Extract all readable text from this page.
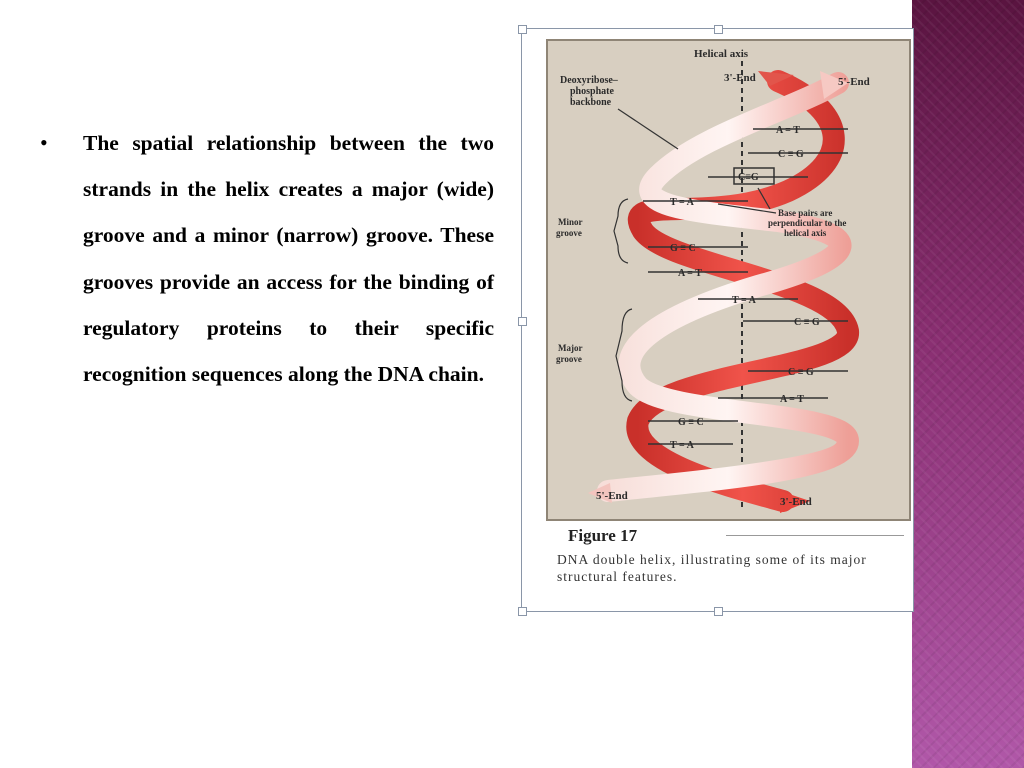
• The spatial relationship between the two strands in the helix creates a major (wide) groove and a minor (narrow) groove. These grooves provide an access for the binding of regulatory proteins to their specific recognition sequences along the DNA chain.

A = T
C ≡ G
C≡G
T = A
G ≡ C
A = T
T = A
C ≡ G
C ≡ G
A = T
G ≡ C
T = A
Helical axis
3'-End	5'-End
Deoxyribose–
phosphate
backbone
Minor
groove
Major
groove
Base pairs are
perpendicular to the
helical axis
5'-End	3'-End
Figure 17
DNA double helix, illustrating some of its major structural features.
